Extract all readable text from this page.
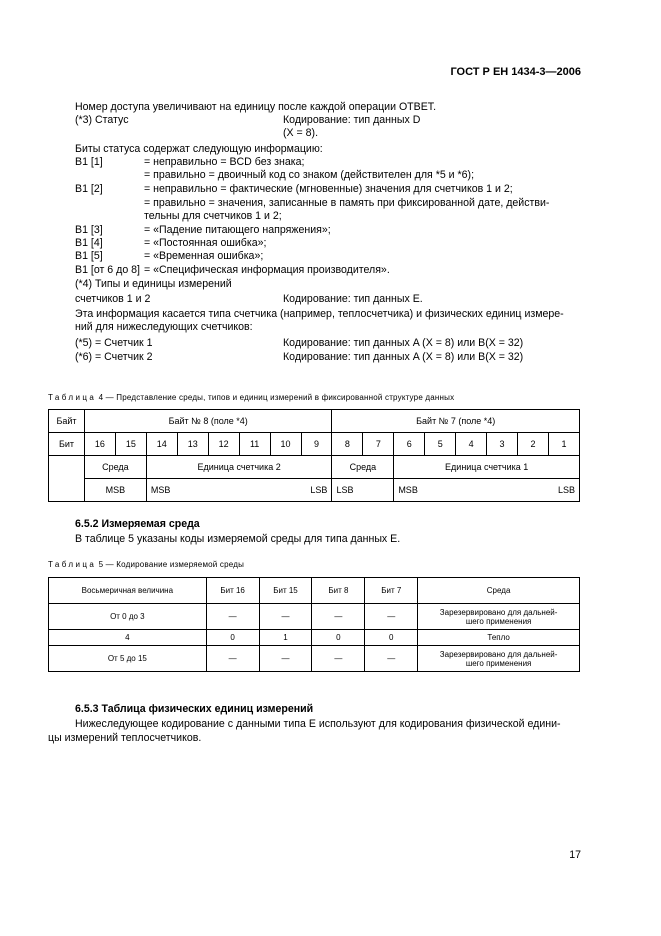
ГОСТ Р ЕН 1434-3—2006
Номер доступа увеличивают на единицу после каждой операции ОТВЕТ.
(*3) Статус	Кодирование: тип данных D
(X = 8).
Биты статуса содержат следующую информацию:
B1 [1]	= неправильно = BCD без знака;
= правильно = двоичный код со знаком (действителен для *5 и *6);
B1 [2]	= неправильно = фактические (мгновенные) значения для счетчиков 1 и 2;
= правильно = значения, записанные в память при фиксированной дате, действи-
тельны для счетчиков 1 и 2;
B1 [3]	= «Падение питающего напряжения»;
B1 [4]	= «Постоянная ошибка»;
B1 [5]	= «Временная ошибка»;
B1 [от 6 до 8] = «Специфическая информация производителя».
(*4) Типы и единицы измерений
счетчиков 1 и 2	Кодирование: тип данных E.
Эта информация касается типа счетчика (например, теплосчетчика) и физических единиц измере-
ний для нижеследующих счетчиков:
(*5) = Счетчик 1	Кодирование: тип данных A (X = 8) или B(X = 32)
(*6) = Счетчик 2	Кодирование: тип данных A (X = 8) или B(X = 32)
Таблица 4 — Представление среды, типов и единиц измерений в фиксированной структуре данных
Байт	Байт № 8 (поле *4)								Байт № 7 (поле *4)							
Бит	16	15	14	13	12	11	10	9	8	7	6	5	4	3	2	1
	Среда		Единица счетчика 2						Среда		Единица счетчика 1					
	MSB		MSB LSB						LSB		MSB LSB					
6.5.2 Измеряемая среда
В таблице 5 указаны коды измеряемой среды для типа данных E.
Таблица 5 — Кодирование измеряемой среды
Восьмеричная величина	Бит 16	Бит 15	Бит 8	Бит 7	Среда
От 0 до 3	—	—	—	—	Зарезервировано для дальней-
шего применения

4	0	1	0	0	Тепло
От 5 до 15	—	—	—	—	Зарезервировано для дальней-
шего применения
6.5.3 Таблица физических единиц измерений
Нижеследующее кодирование с данными типа E используют для кодирования физической едини-
цы измерений теплосчетчиков.
17
